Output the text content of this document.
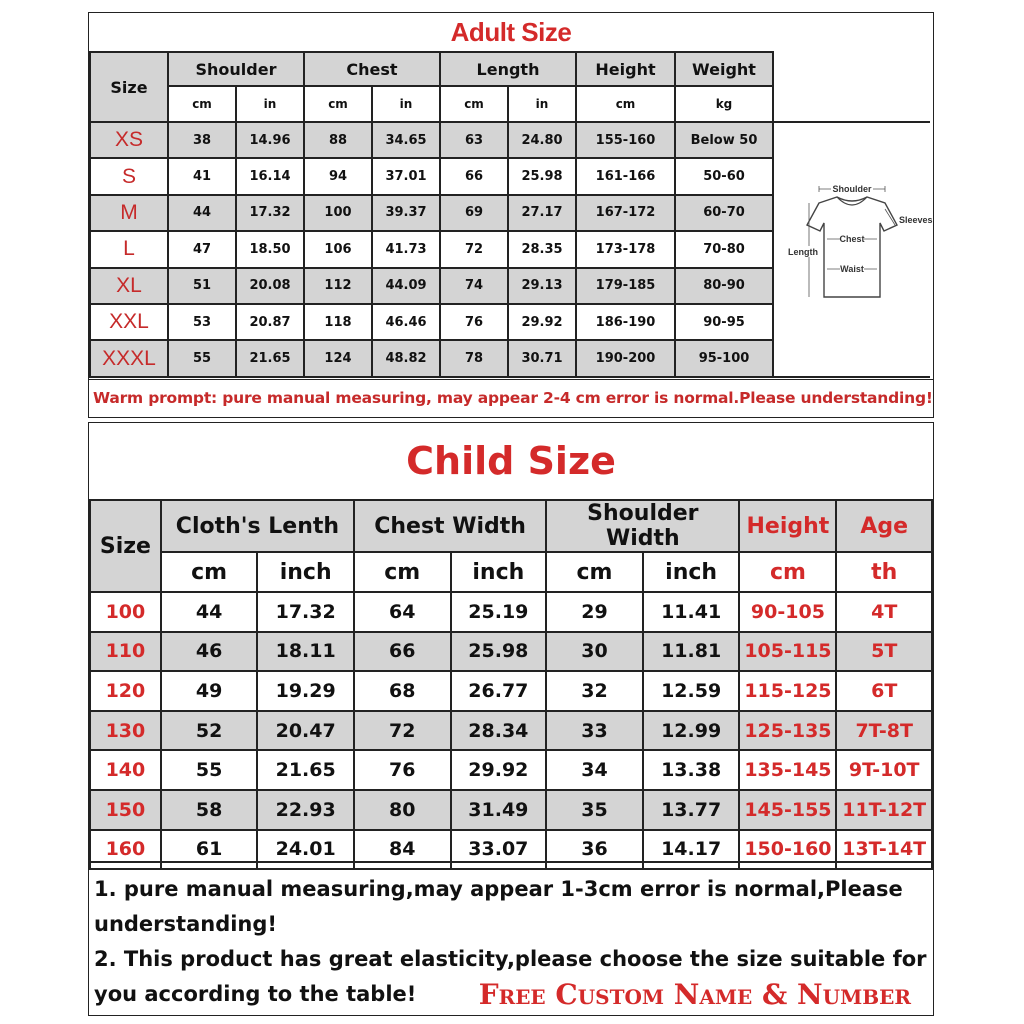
Adult Size
Size	Shoulder		Chest		Length		Height	Weight	
	cm	in	cm	in	cm	in	cm	kg	
XS	38	14.96	88	34.65	63	24.80	155-160	Below 50	Shoulder
Sleeves
Chest
Waist
Length

S	41	16.14	94	37.01	66	25.98	161-166	50-60	
M	44	17.32	100	39.37	69	27.17	167-172	60-70	
L	47	18.50	106	41.73	72	28.35	173-178	70-80	
XL	51	20.08	112	44.09	74	29.13	179-185	80-90	
XXL	53	20.87	118	46.46	76	29.92	186-190	90-95	
XXXL	55	21.65	124	48.82	78	30.71	190-200	95-100	
Warm prompt: pure manual measuring, may appear 2-4 cm error is normal.Please understanding!
Child Size
Size	Cloth's Lenth		Chest Width		Shoulder Width		Height	Age
	cm	inch	cm	inch	cm	inch	cm	th
100	44	17.32	64	25.19	29	11.41	90-105	4T
110	46	18.11	66	25.98	30	11.81	105-115	5T
120	49	19.29	68	26.77	32	12.59	115-125	6T
130	52	20.47	72	28.34	33	12.99	125-135	7T-8T
140	55	21.65	76	29.92	34	13.38	135-145	9T-10T
150	58	22.93	80	31.49	35	13.77	145-155	11T-12T
160	61	24.01	84	33.07	36	14.17	150-160	13T-14T

1. pure manual measuring,may appear 1-3cm error is normal,Please understanding!

2. This product has great elasticity,please choose the size suitable for you according to the table!	Free Custom Name & Number
